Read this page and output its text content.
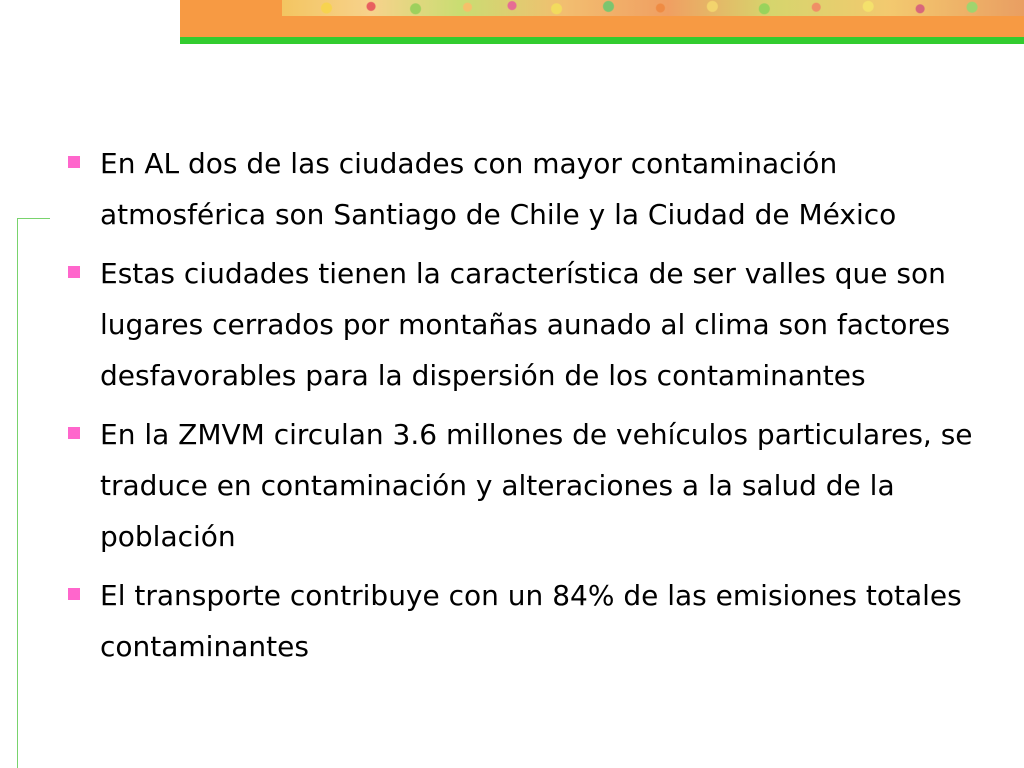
En AL dos de las ciudades con mayor contaminación atmosférica son Santiago de Chile y la Ciudad de México
Estas ciudades tienen la característica de ser valles que son lugares cerrados por montañas aunado al clima son factores desfavorables para la dispersión de los contaminantes
En la ZMVM circulan 3.6 millones de vehículos particulares, se traduce en contaminación y alteraciones a la salud de la población
El transporte contribuye con un 84% de las emisiones totales contaminantes
